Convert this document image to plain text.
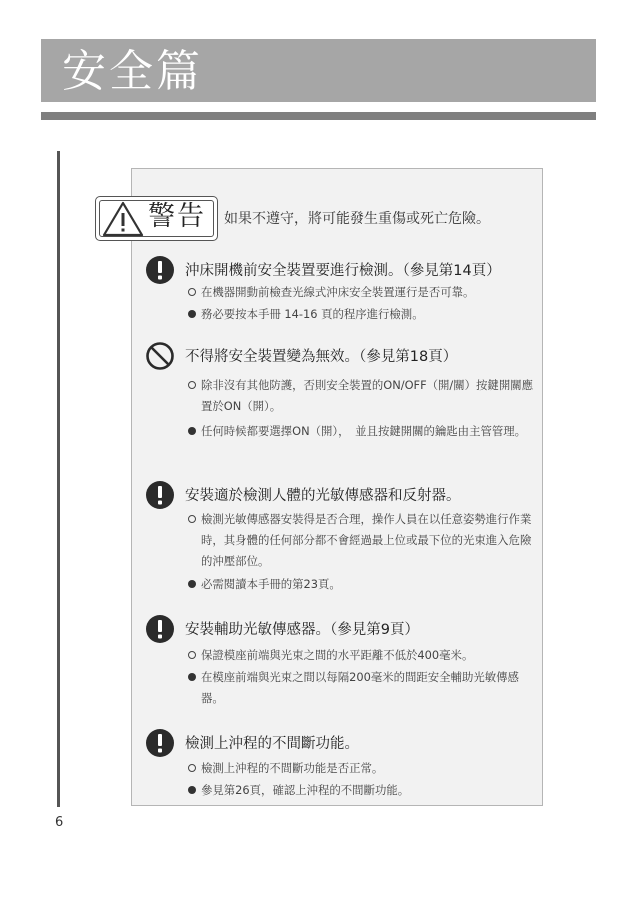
安全篇
警告 如果不遵守，將可能發生重傷或死亡危險。
沖床開機前安全裝置要進行檢測。（參見第14頁）
在機器開動前檢查光線式沖床安全裝置運行是否可靠。
務必要按本手冊 14-16 頁的程序進行檢測。
不得將安全裝置變為無效。（參見第18頁）
除非沒有其他防護，否則安全裝置的ON/OFF（開/關）按鍵開關應置於ON（開）。
任何時候都要選擇ON（開），　並且按鍵開關的鑰匙由主管管理。
安裝適於檢測人體的光敏傳感器和反射器。
檢測光敏傳感器安裝得是否合理，操作人員在以任意姿勢進行作業時，其身體的任何部分都不會經過最上位或最下位的光束進入危險的沖壓部位。
必需閱讀本手冊的第23頁。
安裝輔助光敏傳感器。（參見第9頁）
保證模座前端與光束之間的水平距離不低於400毫米。
在模座前端與光束之間以每隔200毫米的間距安全輔助光敏傳感器。
檢測上沖程的不間斷功能。
檢測上沖程的不間斷功能是否正常。
參見第26頁，確認上沖程的不間斷功能。
6
